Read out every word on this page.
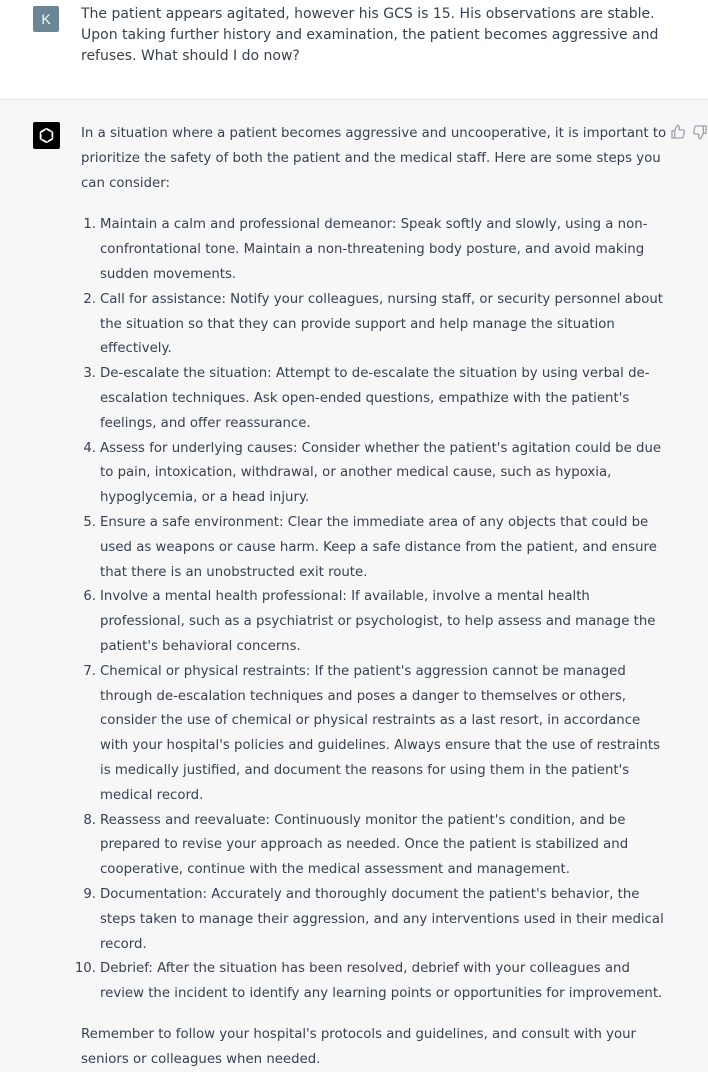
K	The patient appears agitated, however his GCS is 15. His observations are stable. Upon taking further history and examination, the patient becomes aggressive and refuses. What should I do now?

In a situation where a patient becomes aggressive and uncooperative, it is important to prioritize the safety of both the patient and the medical staff. Here are some steps you can consider:

1. Maintain a calm and professional demeanor: Speak softly and slowly, using a non-confrontational tone. Maintain a non-threatening body posture, and avoid making sudden movements.
2. Call for assistance: Notify your colleagues, nursing staff, or security personnel about the situation so that they can provide support and help manage the situation effectively.
3. De-escalate the situation: Attempt to de-escalate the situation by using verbal de-escalation techniques. Ask open-ended questions, empathize with the patient's feelings, and offer reassurance.
4. Assess for underlying causes: Consider whether the patient's agitation could be due to pain, intoxication, withdrawal, or another medical cause, such as hypoxia, hypoglycemia, or a head injury.
5. Ensure a safe environment: Clear the immediate area of any objects that could be used as weapons or cause harm. Keep a safe distance from the patient, and ensure that there is an unobstructed exit route.
6. Involve a mental health professional: If available, involve a mental health professional, such as a psychiatrist or psychologist, to help assess and manage the patient's behavioral concerns.
7. Chemical or physical restraints: If the patient's aggression cannot be managed through de-escalation techniques and poses a danger to themselves or others, consider the use of chemical or physical restraints as a last resort, in accordance with your hospital's policies and guidelines. Always ensure that the use of restraints is medically justified, and document the reasons for using them in the patient's medical record.
8. Reassess and reevaluate: Continuously monitor the patient's condition, and be prepared to revise your approach as needed. Once the patient is stabilized and cooperative, continue with the medical assessment and management.
9. Documentation: Accurately and thoroughly document the patient's behavior, the steps taken to manage their aggression, and any interventions used in their medical record.
10. Debrief: After the situation has been resolved, debrief with your colleagues and review the incident to identify any learning points or opportunities for improvement.

Remember to follow your hospital's protocols and guidelines, and consult with your seniors or colleagues when needed.
